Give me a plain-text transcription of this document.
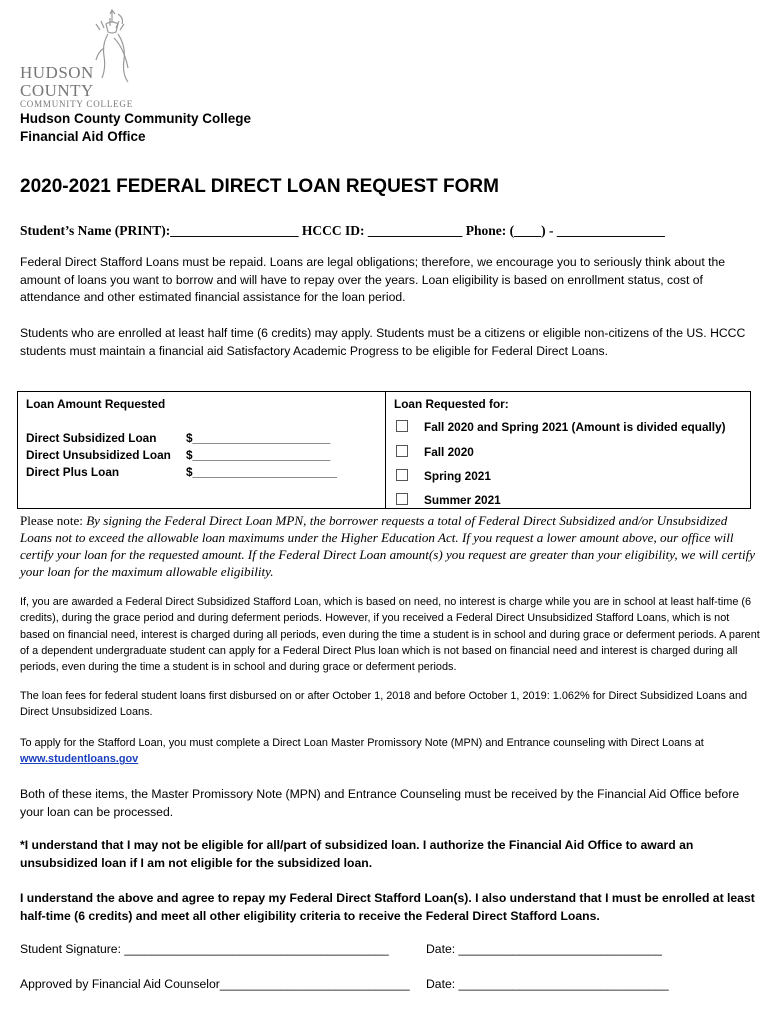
HUDSON
COUNTY
COMMUNITY COLLEGE
Hudson County Community College
Financial Aid Office
2020-2021 FEDERAL DIRECT LOAN REQUEST FORM
Student’s Name (PRINT):___________________ HCCC ID: ______________ Phone: (____) - ________________
Federal Direct Stafford Loans must be repaid. Loans are legal obligations; therefore, we encourage you to seriously think about the amount of loans you want to borrow and will have to repay over the years. Loan eligibility is based on enrollment status, cost of attendance and other estimated financial assistance for the loan period.
Students who are enrolled at least half time (6 credits) may apply. Students must be a citizens or eligible non-citizens of the US. HCCC students must maintain a financial aid Satisfactory Academic Progress to be eligible for Federal Direct Loans.
Loan Amount Requested
Direct Subsidized Loan	$_____________________
Direct Unsubsidized Loan $_____________________
Direct Plus Loan	$______________________
Loan Requested for:
Fall 2020 and Spring 2021 (Amount is divided equally)
Fall 2020
Spring 2021
Summer 2021
Please note: By signing the Federal Direct Loan MPN, the borrower requests a total of Federal Direct Subsidized and/or Unsubsidized Loans not to exceed the allowable loan maximums under the Higher Education Act. If you request a lower amount above, our office will certify your loan for the requested amount. If the Federal Direct Loan amount(s) you request are greater than your eligibility, we will certify your loan for the maximum allowable eligibility.
If, you are awarded a Federal Direct Subsidized Stafford Loan, which is based on need, no interest is charge while you are in school at least half-time (6 credits), during the grace period and during deferment periods. However, if you received a Federal Direct Unsubsidized Stafford Loans, which is not based on financial need, interest is charged during all periods, even during the time a student is in school and during grace or deferment periods. A parent of a dependent undergraduate student can apply for a Federal Direct Plus loan which is not based on financial need and interest is charged during all periods, even during the time a student is in school and during grace or deferment periods.
The loan fees for federal student loans first disbursed on or after October 1, 2018 and before October 1, 2019: 1.062% for Direct Subsidized Loans and Direct Unsubsidized Loans.
To apply for the Stafford Loan, you must complete a Direct Loan Master Promissory Note (MPN) and Entrance counseling with Direct Loans at
www.studentloans.gov
Both of these items, the Master Promissory Note (MPN) and Entrance Counseling must be received by the Financial Aid Office before your loan can be processed.
*I understand that I may not be eligible for all/part of subsidized loan. I authorize the Financial Aid Office to award an unsubsidized loan if I am not eligible for the subsidized loan.
I understand the above and agree to repay my Federal Direct Stafford Loan(s). I also understand that I must be enrolled at least half-time (6 credits) and meet all other eligibility criteria to receive the Federal Direct Stafford Loans.
Student Signature: _______________________________________	Date: ______________________________
Approved by Financial Aid Counselor____________________________ Date: _______________________________
